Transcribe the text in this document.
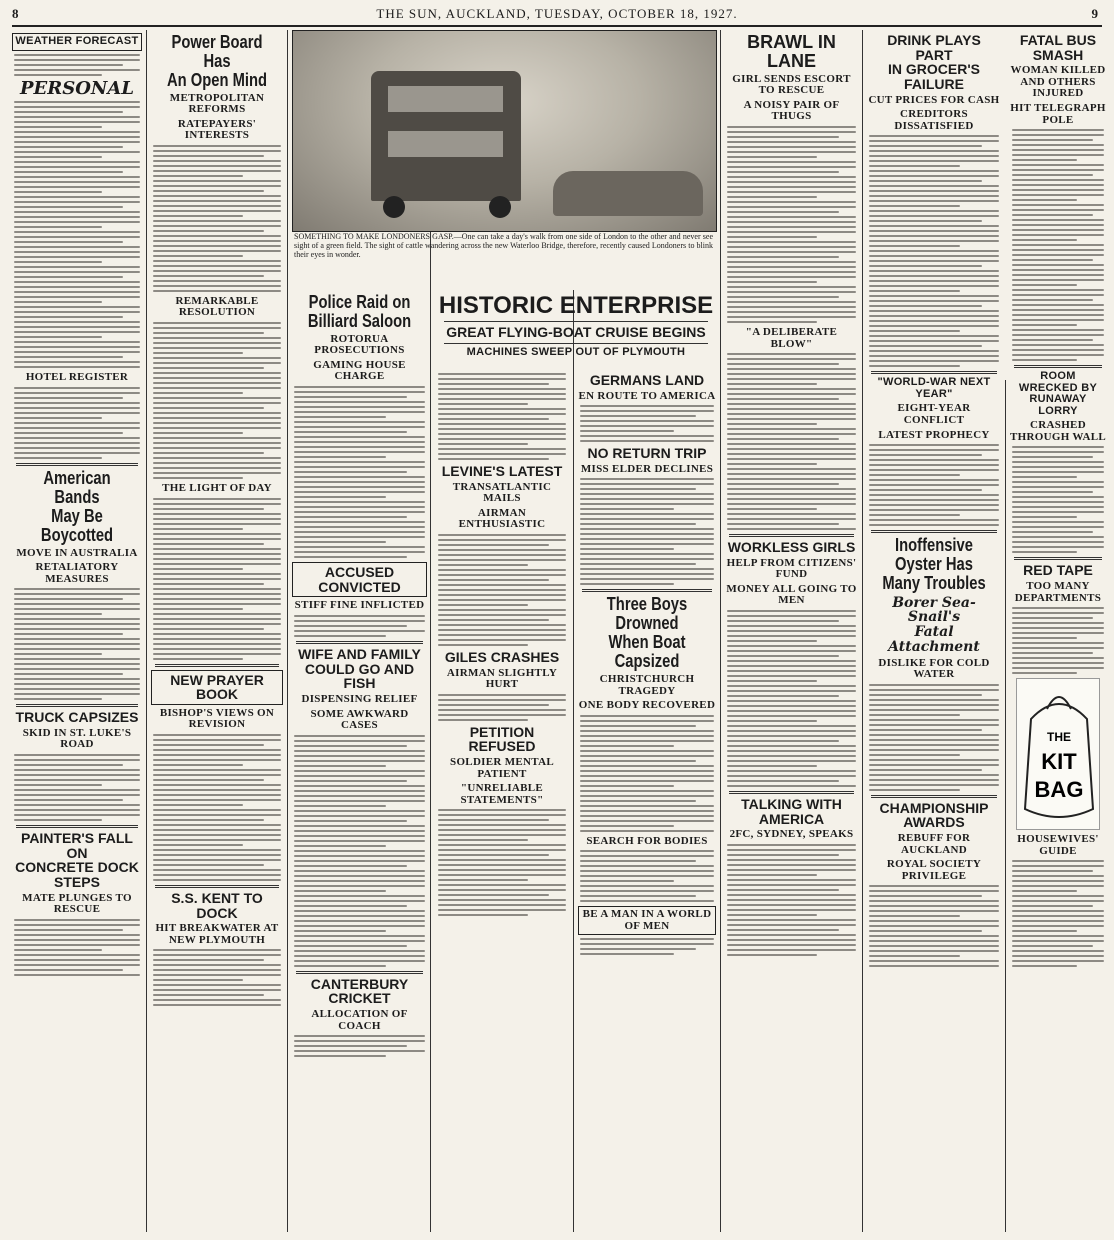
8	THE SUN, AUCKLAND, TUESDAY, OCTOBER 18, 1927.	9
WEATHER FORECAST
PERSONAL
HOTEL REGISTER
American Bands
May Be Boycotted
MOVE IN AUSTRALIA
RETALIATORY MEASURES
TRUCK CAPSIZES
SKID IN ST. LUKE'S ROAD
PAINTER'S FALL ON
CONCRETE DOCK STEPS
MATE PLUNGES TO RESCUE
Power Board Has
An Open Mind
METROPOLITAN REFORMS
RATEPAYERS' INTERESTS
REMARKABLE RESOLUTION
THE LIGHT OF DAY
NEW PRAYER BOOK
BISHOP'S VIEWS ON REVISION
S.S. KENT TO DOCK
HIT BREAKWATER AT NEW PLYMOUTH
SOMETHING TO MAKE LONDONERS GASP.—One can take a day's walk from one side of London to the other and never see sight of a green field. The sight of cattle wandering across the new Waterloo Bridge, therefore, recently caused Londoners to blink their eyes in wonder.
Police Raid on
Billiard Saloon
ROTORUA PROSECUTIONS
GAMING HOUSE CHARGE
ACCUSED CONVICTED
STIFF FINE INFLICTED
WIFE AND FAMILY
COULD GO AND FISH
DISPENSING RELIEF
SOME AWKWARD CASES
CANTERBURY CRICKET
ALLOCATION OF COACH
HISTORIC ENTERPRISE
GREAT FLYING-BOAT CRUISE BEGINS
MACHINES SWEEP OUT OF PLYMOUTH
LEVINE'S LATEST
TRANSATLANTIC MAILS
AIRMAN ENTHUSIASTIC
GILES CRASHES
AIRMAN SLIGHTLY HURT
PETITION REFUSED
SOLDIER MENTAL PATIENT
"UNRELIABLE STATEMENTS"
GERMANS LAND
EN ROUTE TO AMERICA
NO RETURN TRIP
MISS ELDER DECLINES
Three Boys Drowned
When Boat Capsized
CHRISTCHURCH TRAGEDY
ONE BODY RECOVERED
SEARCH FOR BODIES
BE A MAN IN A WORLD OF MEN
BRAWL IN LANE
GIRL SENDS ESCORT TO RESCUE
A NOISY PAIR OF THUGS
"A DELIBERATE BLOW"
WORKLESS GIRLS
HELP FROM CITIZENS' FUND
MONEY ALL GOING TO MEN
TALKING WITH AMERICA
2FC, SYDNEY, SPEAKS
DRINK PLAYS PART
IN GROCER'S FAILURE
CUT PRICES FOR CASH
CREDITORS DISSATISFIED
"WORLD-WAR NEXT YEAR"
EIGHT-YEAR CONFLICT
LATEST PROPHECY
Inoffensive
Oyster Has
Many Troubles
Borer Sea-Snail's
Fatal Attachment
DISLIKE FOR COLD WATER
CHAMPIONSHIP AWARDS
REBUFF FOR AUCKLAND
ROYAL SOCIETY PRIVILEGE
FATAL BUS SMASH
WOMAN KILLED AND OTHERS INJURED
HIT TELEGRAPH POLE
ROOM WRECKED BY RUNAWAY LORRY
CRASHED THROUGH WALL
RED TAPE
TOO MANY DEPARTMENTS
THE
KIT
BAG
HOUSEWIVES' GUIDE
